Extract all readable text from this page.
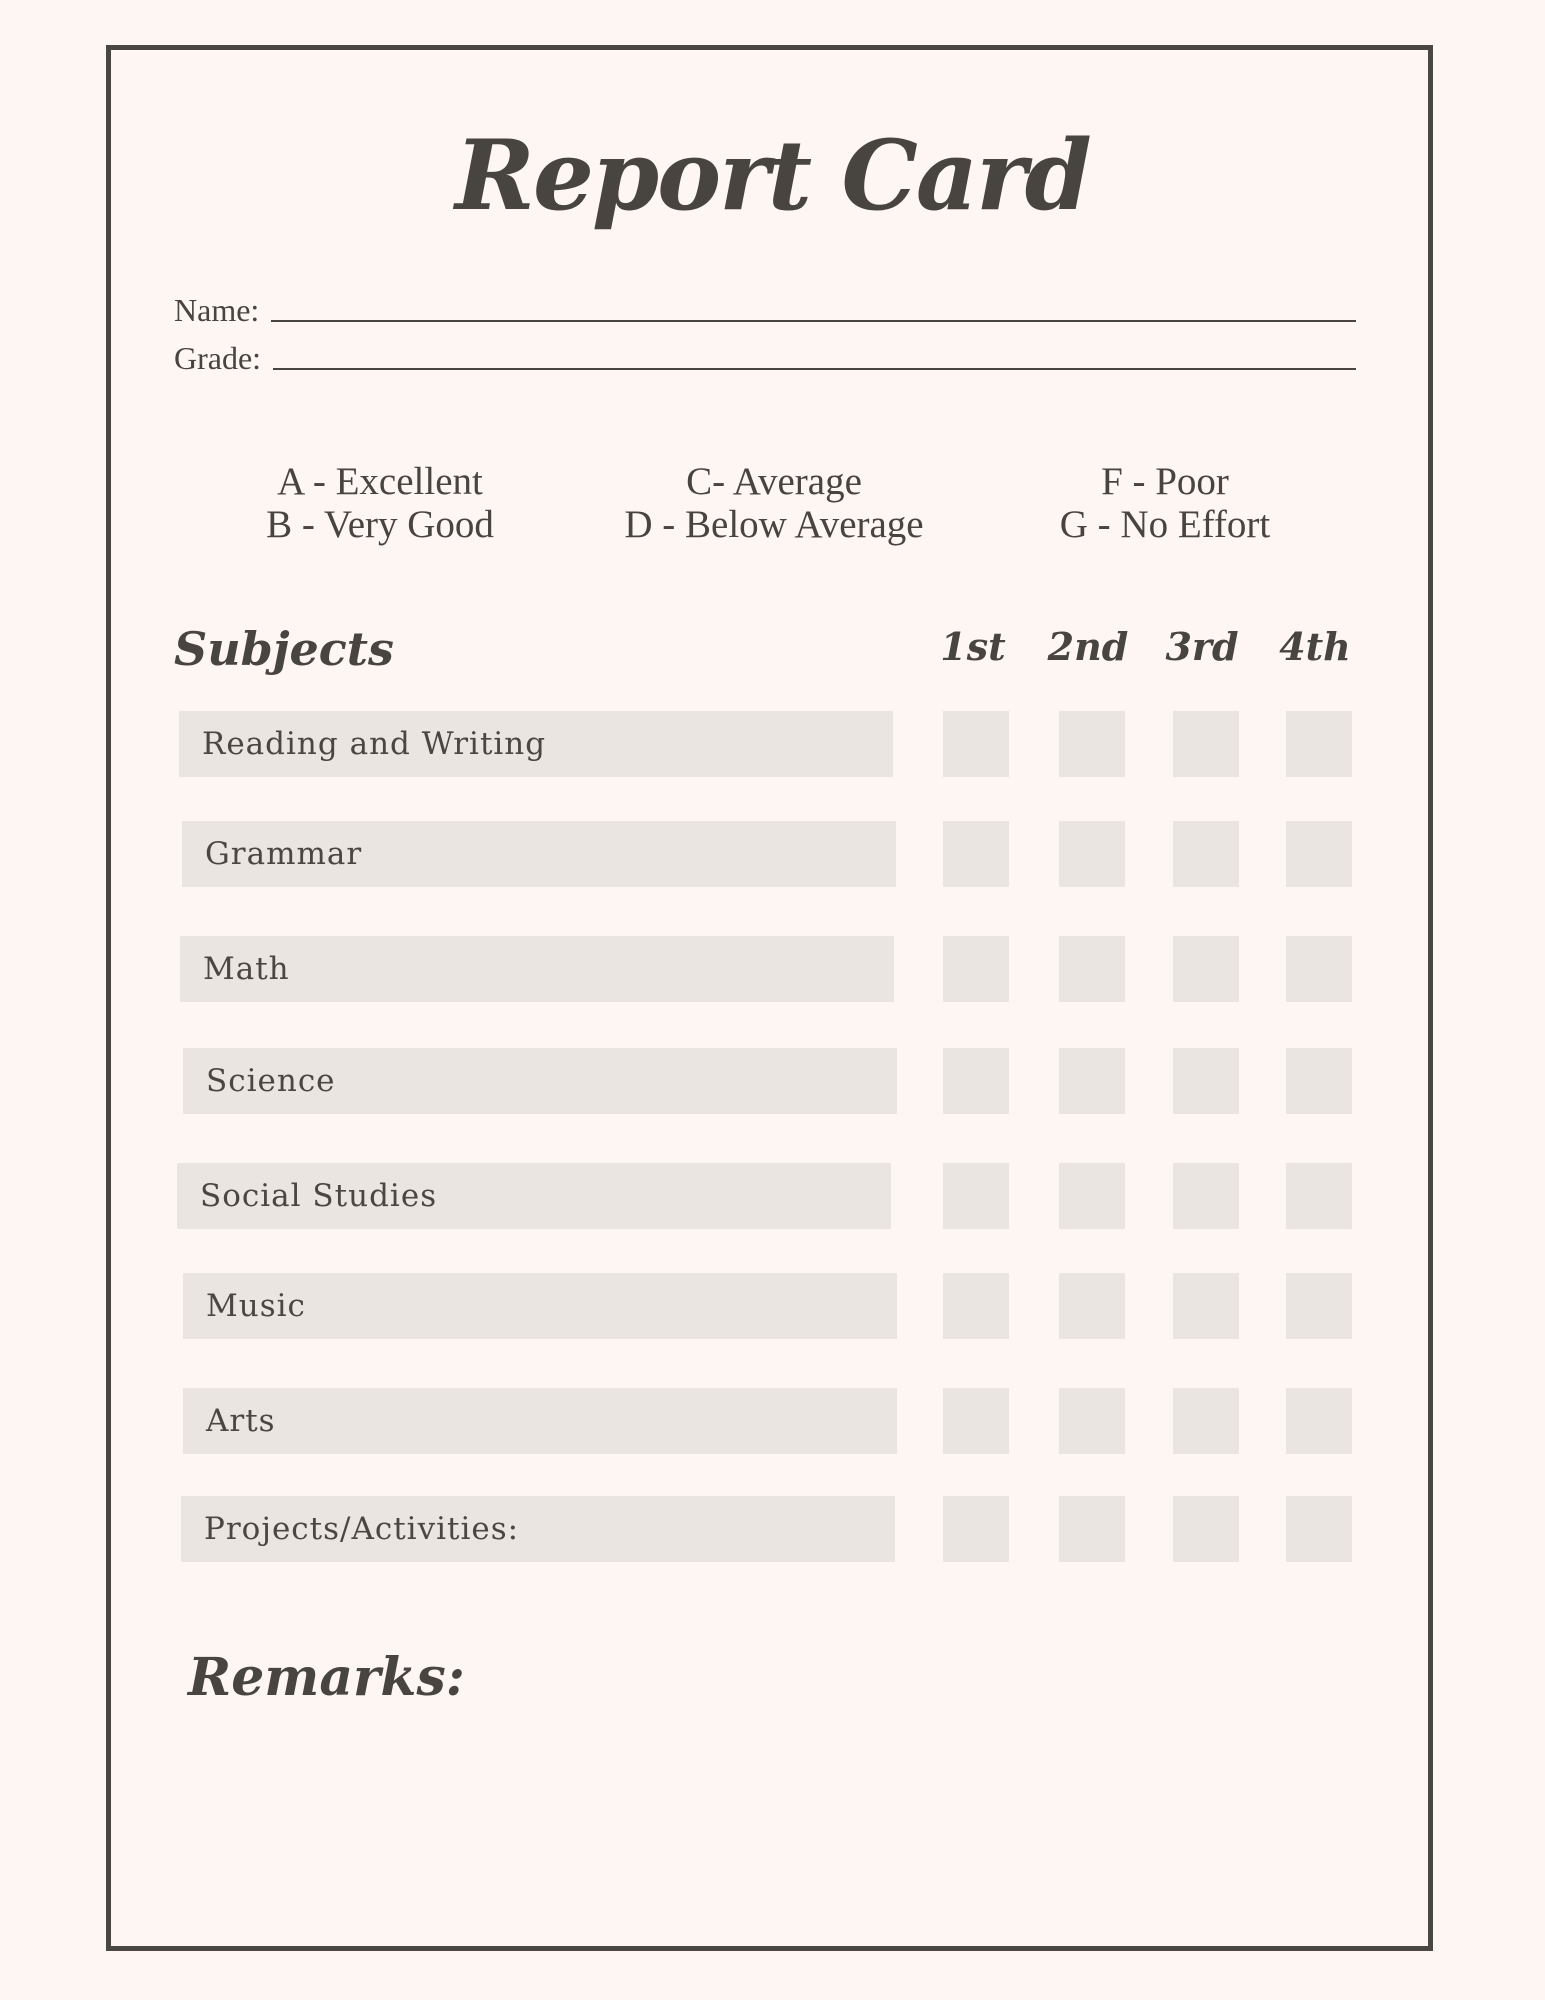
Report Card
Name:
Grade:
A - Excellent
B - Very Good
C- Average
D - Below Average
F - Poor
G - No Effort
Subjects	1st	2nd 3rd	4th
Reading and Writing
Grammar
Math
Science
Social Studies
Music
Arts
Projects/Activities:
Remarks:
